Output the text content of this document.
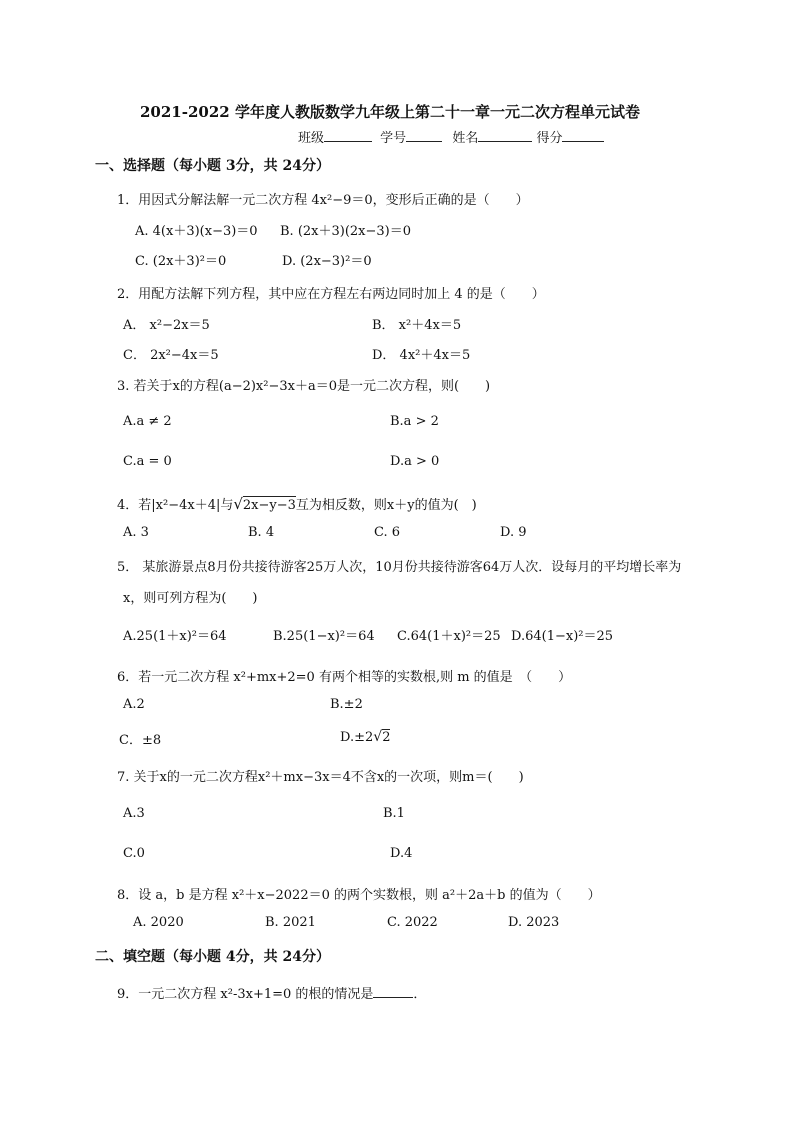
2021-2022 学年度人教版数学九年级上第二十一章一元二次方程单元试卷
班级	学号	姓名	得分
一、选择题（每小题 3分，共 24分）
1．用因式分解法解一元二次方程 4x²−9＝0，变形后正确的是（　　）
A. 4(x＋3)(x−3)＝0 B. (2x＋3)(2x−3)＝0
C. (2x＋3)²＝0	D. (2x−3)²＝0
2．用配方法解下列方程，其中应在方程左右两边同时加上 4 的是（　　）
A． x²−2x＝5	B． x²＋4x＝5
C． 2x²−4x＝5	D． 4x²＋4x＝5
3. 若关于x的方程(a−2)x²−3x＋a＝0是一元二次方程，则(　　)
A.a ≠ 2	B.a > 2
C.a = 0	D.a > 0
4．若|x²−4x＋4|与√2x−y−3互为相反数，则x＋y的值为(　)
A. 3	B. 4	C. 6	D. 9
5． 某旅游景点8月份共接待游客25万人次，10月份共接待游客64万人次．设每月的平均增长率为
x，则可列方程为(　　)
A.25(1＋x)²＝64	B.25(1−x)²＝64 C.64(1＋x)²＝25 D.64(1−x)²＝25
6．若一元二次方程 x²+mx+2=0 有两个相等的实数根,则 m 的值是　（　　）
A.2	B.±2
C．±8	D.±2√2
7. 关于x的一元二次方程x²＋mx−3x＝4不含x的一次项，则m＝(　　)
A.3	B.1
C.0	D.4
8．设 a，b 是方程 x²＋x−2022＝0 的两个实数根，则 a²＋2a＋b 的值为（　　）
A. 2020	B. 2021	C. 2022	D. 2023
二、填空题（每小题 4分，共 24分）
9．一元二次方程 x²-3x+1=0 的根的情况是	．
